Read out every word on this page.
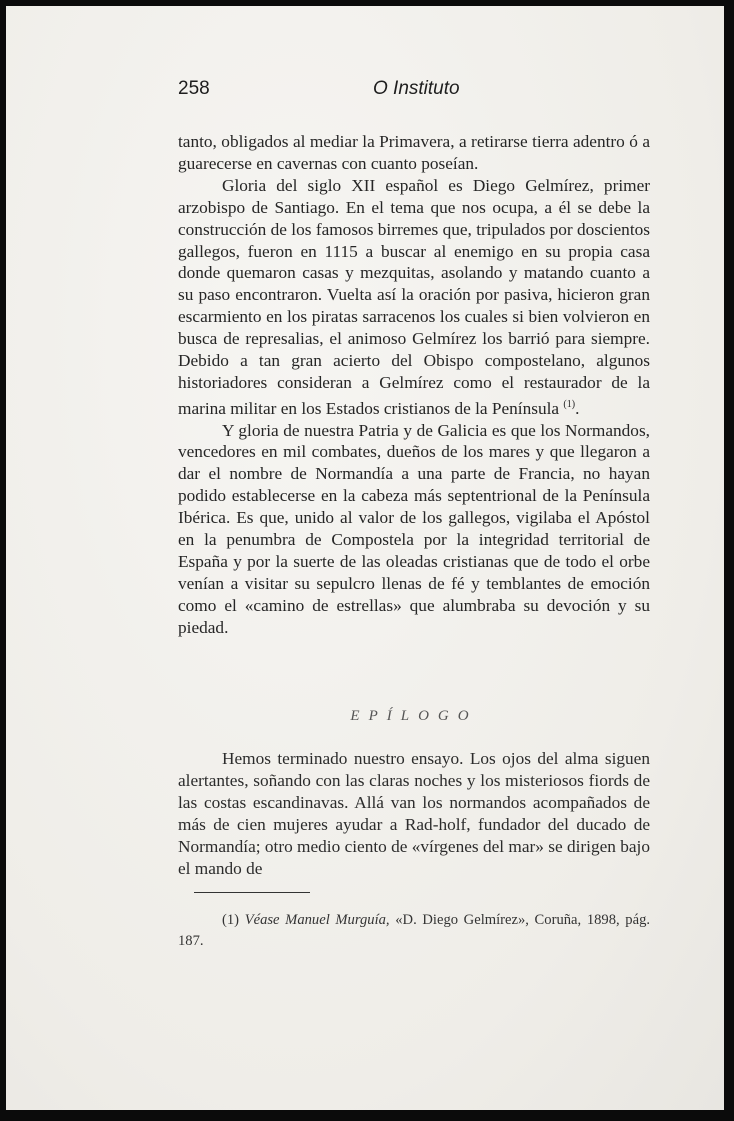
258	O Instituto

tanto, obligados al mediar la Primavera, a retirarse tierra adentro ó a guarecerse en cavernas con cuanto poseían.

Gloria del siglo XII español es Diego Gelmírez, primer arzobispo de Santiago. En el tema que nos ocupa, a él se debe la construcción de los famosos birremes que, tripulados por doscientos gallegos, fueron en 1115 a buscar al enemigo en su propia casa donde quemaron casas y mezquitas, asolando y matando cuanto a su paso encontraron. Vuelta así la oración por pasiva, hicieron gran escarmiento en los piratas sarracenos los cuales si bien volvieron en busca de represalias, el animoso Gelmírez los barrió para siempre. Debido a tan gran acierto del Obispo compostelano, algunos historiadores consideran a Gelmírez como el restaurador de la marina militar en los Estados cristianos de la Península $^{(1)}$.

Y gloria de nuestra Patria y de Galicia es que los Normandos, vencedores en mil combates, dueños de los mares y que llegaron a dar el nombre de Normandía a una parte de Francia, no hayan podido establecerse en la cabeza más septentrional de la Península Ibérica. Es que, unido al valor de los gallegos, vigilaba el Apóstol en la penumbra de Compostela por la integridad territorial de España y por la suerte de las oleadas cristianas que de todo el orbe venían a visitar su sepulcro llenas de fé y temblantes de emoción como el «camino de estrellas» que alumbraba su devoción y su piedad.

EPÍLOGO

Hemos terminado nuestro ensayo. Los ojos del alma siguen alertantes, soñando con las claras noches y los misteriosos fiords de las costas escandinavas. Allá van los normandos acompañados de más de cien mujeres ayudar a Rad-holf, fundador del ducado de Normandía; otro medio ciento de «vírgenes del mar» se dirigen bajo el mando de

(1) Véase Manuel Murguía, «D. Diego Gelmírez», Coruña, 1898, pág. 187.
